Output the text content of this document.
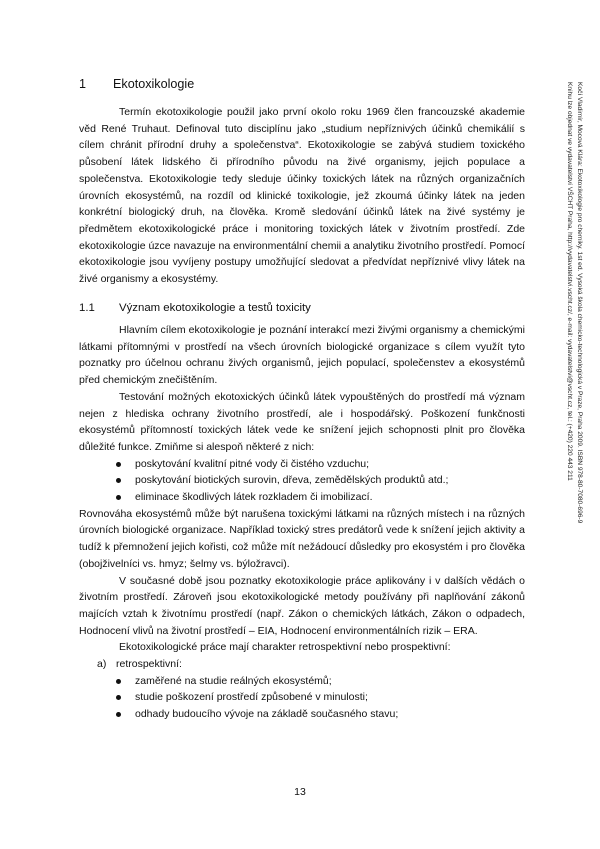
1 Ekotoxikologie

Termín ekotoxikologie použil jako první okolo roku 1969 člen francouzské akademie věd René Truhaut. Definoval tuto disciplínu jako „studium nepříznivých účinků chemikálií s cílem chránit přírodní druhy a společenstva“. Ekotoxikologie se zabývá studiem toxického působení látek lidského či přírodního původu na živé organismy, jejich populace a společenstva. Ekotoxikologie tedy sleduje účinky toxických látek na různých organizačních úrovních ekosystémů, na rozdíl od klinické toxikologie, jež zkoumá účinky látek na jeden konkrétní biologický druh, na člověka. Kromě sledování účinků látek na živé systémy je předmětem ekotoxikologické práce i monitoring toxických látek v životním prostředí. Zde ekotoxikologie úzce navazuje na environmentální chemii a analytiku životního prostředí. Pomocí ekotoxikologie jsou vyvíjeny postupy umožňující sledovat a předvídat nepříznivé vlivy látek na živé organismy a ekosystémy.

1.1 Význam ekotoxikologie a testů toxicity

Hlavním cílem ekotoxikologie je poznání interakcí mezi živými organismy a chemickými látkami přítomnými v prostředí na všech úrovních biologické organizace s cílem využít tyto poznatky pro účelnou ochranu živých organismů, jejich populací, společenstev a ekosystémů před chemickým znečištěním.

Testování možných ekotoxických účinků látek vypouštěných do prostředí má význam nejen z hlediska ochrany životního prostředí, ale i hospodářský. Poškození funkčnosti ekosystémů přítomností toxických látek vede ke snížení jejich schopnosti plnit pro člověka důležité funkce. Zmiňme si alespoň některé z nich:

poskytování kvalitní pitné vody či čistého vzduchu;
poskytování biotických surovin, dřeva, zemědělských produktů atd.;
eliminace škodlivých látek rozkladem či imobilizací.

Rovnováha ekosystémů může být narušena toxickými látkami na různých místech i na různých úrovních biologické organizace. Například toxický stres predátorů vede k snížení jejich aktivity a tudíž k přemnožení jejich kořisti, což může mít nežádoucí důsledky pro ekosystém i pro člověka (obojživelníci vs. hmyz; šelmy vs. býložravci).

V současné době jsou poznatky ekotoxikologie práce aplikovány i v dalších vědách o životním prostředí. Zároveň jsou ekotoxikologické metody používány při naplňování zákonů majících vztah k životnímu prostředí (např. Zákon o chemických látkách, Zákon o odpadech, Hodnocení vlivů na životní prostředí – EIA, Hodnocení environmentálních rizik – ERA.

Ekotoxikologické práce mají charakter retrospektivní nebo prospektivní:

a) retrospektivní:
zaměřené na studie reálných ekosystémů;
studie poškození prostředí způsobené v minulosti;
odhady budoucího vývoje na základě současného stavu;
Kočí Vladimír, Mocová Klára: Ekotoxikologie pro chemiky. 1st ed. Vysoká škola chemicko-technologická v Praze, Praha 2009. ISBN 978-80-7080-696-9
Knihu lze objednat ve vydavatelství VŠCHT Praha, http://vydavatelstvi.vscht.cz/, e-mail: vydavatelstvi@vscht.cz, tel.: (+420) 220 443 211
13
